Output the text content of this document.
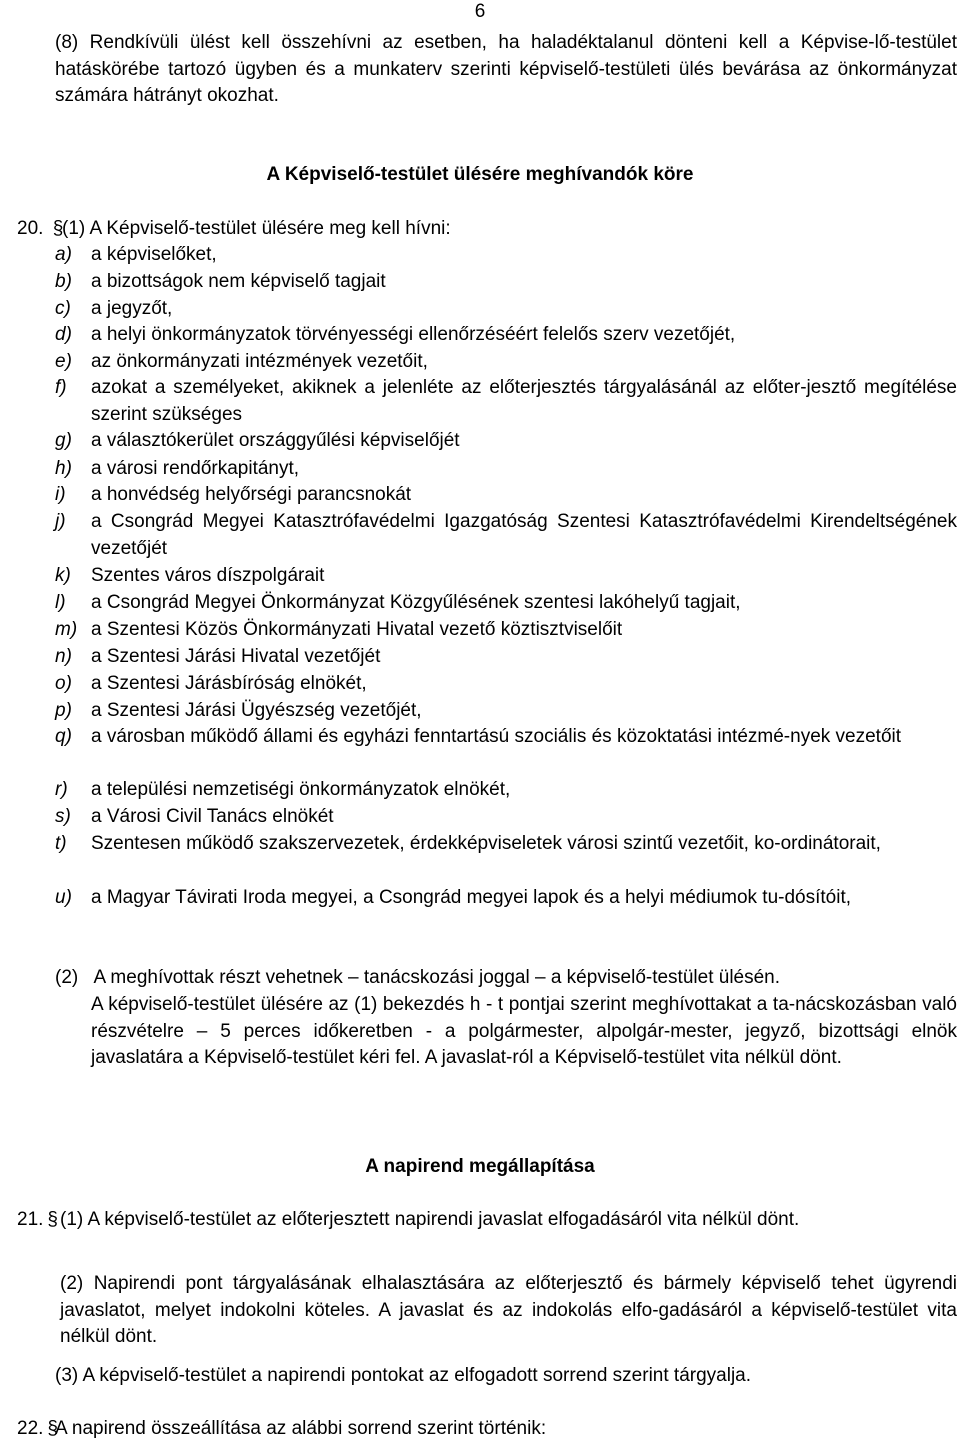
6
(8) Rendkívüli ülést kell összehívni az esetben, ha haladéktalanul dönteni kell a Képvise-lő-testület hatáskörébe tartozó ügyben és a munkaterv szerinti képviselő-testületi ülés bevárása az önkormányzat számára hátrányt okozhat.
A Képviselő-testület ülésére meghívandók köre
20. §
(1) A Képviselő-testület ülésére meg kell hívni:
a) a képviselőket,
b) a bizottságok nem képviselő tagjait
c) a jegyzőt,
d) a helyi önkormányzatok törvényességi ellenőrzéséért felelős szerv vezetőjét,
e) az önkormányzati intézmények vezetőit,
f) azokat a személyeket, akiknek a jelenléte az előterjesztés tárgyalásánál az előter-jesztő megítélése szerint szükséges
g) a választókerület országgyűlési képviselőjét
h) a városi rendőrkapitányt,
i) a honvédség helyőrségi parancsnokát
j) a Csongrád Megyei Katasztrófavédelmi Igazgatóság Szentesi Katasztrófavédelmi Kirendeltségének vezetőjét
k) Szentes város díszpolgárait
l) a Csongrád Megyei Önkormányzat Közgyűlésének szentesi lakóhelyű tagjait,
m) a Szentesi Közös Önkormányzati Hivatal vezető köztisztviselőit
n) a Szentesi Járási Hivatal vezetőjét
o) a Szentesi Járásbíróság elnökét,
p) a Szentesi Járási Ügyészség vezetőjét,
q) a városban működő állami és egyházi fenntartású szociális és közoktatási intézmé-nyek vezetőit
r) a települési nemzetiségi önkormányzatok elnökét,
s) a Városi Civil Tanács elnökét
t) Szentesen működő szakszervezetek, érdekképviseletek városi szintű vezetőit, ko-ordinátorait,
u) a Magyar Távirati Iroda megyei, a Csongrád megyei lapok és a helyi médiumok tu-dósítóit,
(2) A meghívottak részt vehetnek – tanácskozási joggal – a képviselő-testület ülésén.
A képviselő-testület ülésére az (1) bekezdés h - t pontjai szerint meghívottakat a ta-nácskozásban való részvételre – 5 perces időkeretben - a polgármester, alpolgár-mester, jegyző, bizottsági elnök javaslatára a Képviselő-testület kéri fel. A javaslat-ról a Képviselő-testület vita nélkül dönt.
A napirend megállapítása
21. § (1) A képviselő-testület az előterjesztett napirendi javaslat elfogadásáról vita nélkül dönt.
(2) Napirendi pont tárgyalásának elhalasztására az előterjesztő és bármely képviselő tehet ügyrendi javaslatot, melyet indokolni köteles. A javaslat és az indokolás elfo-gadásáról a képviselő-testület vita nélkül dönt.
(3) A képviselő-testület a napirendi pontokat az elfogadott sorrend szerint tárgyalja.
22. §
A napirend összeállítása az alábbi sorrend szerint történik:
